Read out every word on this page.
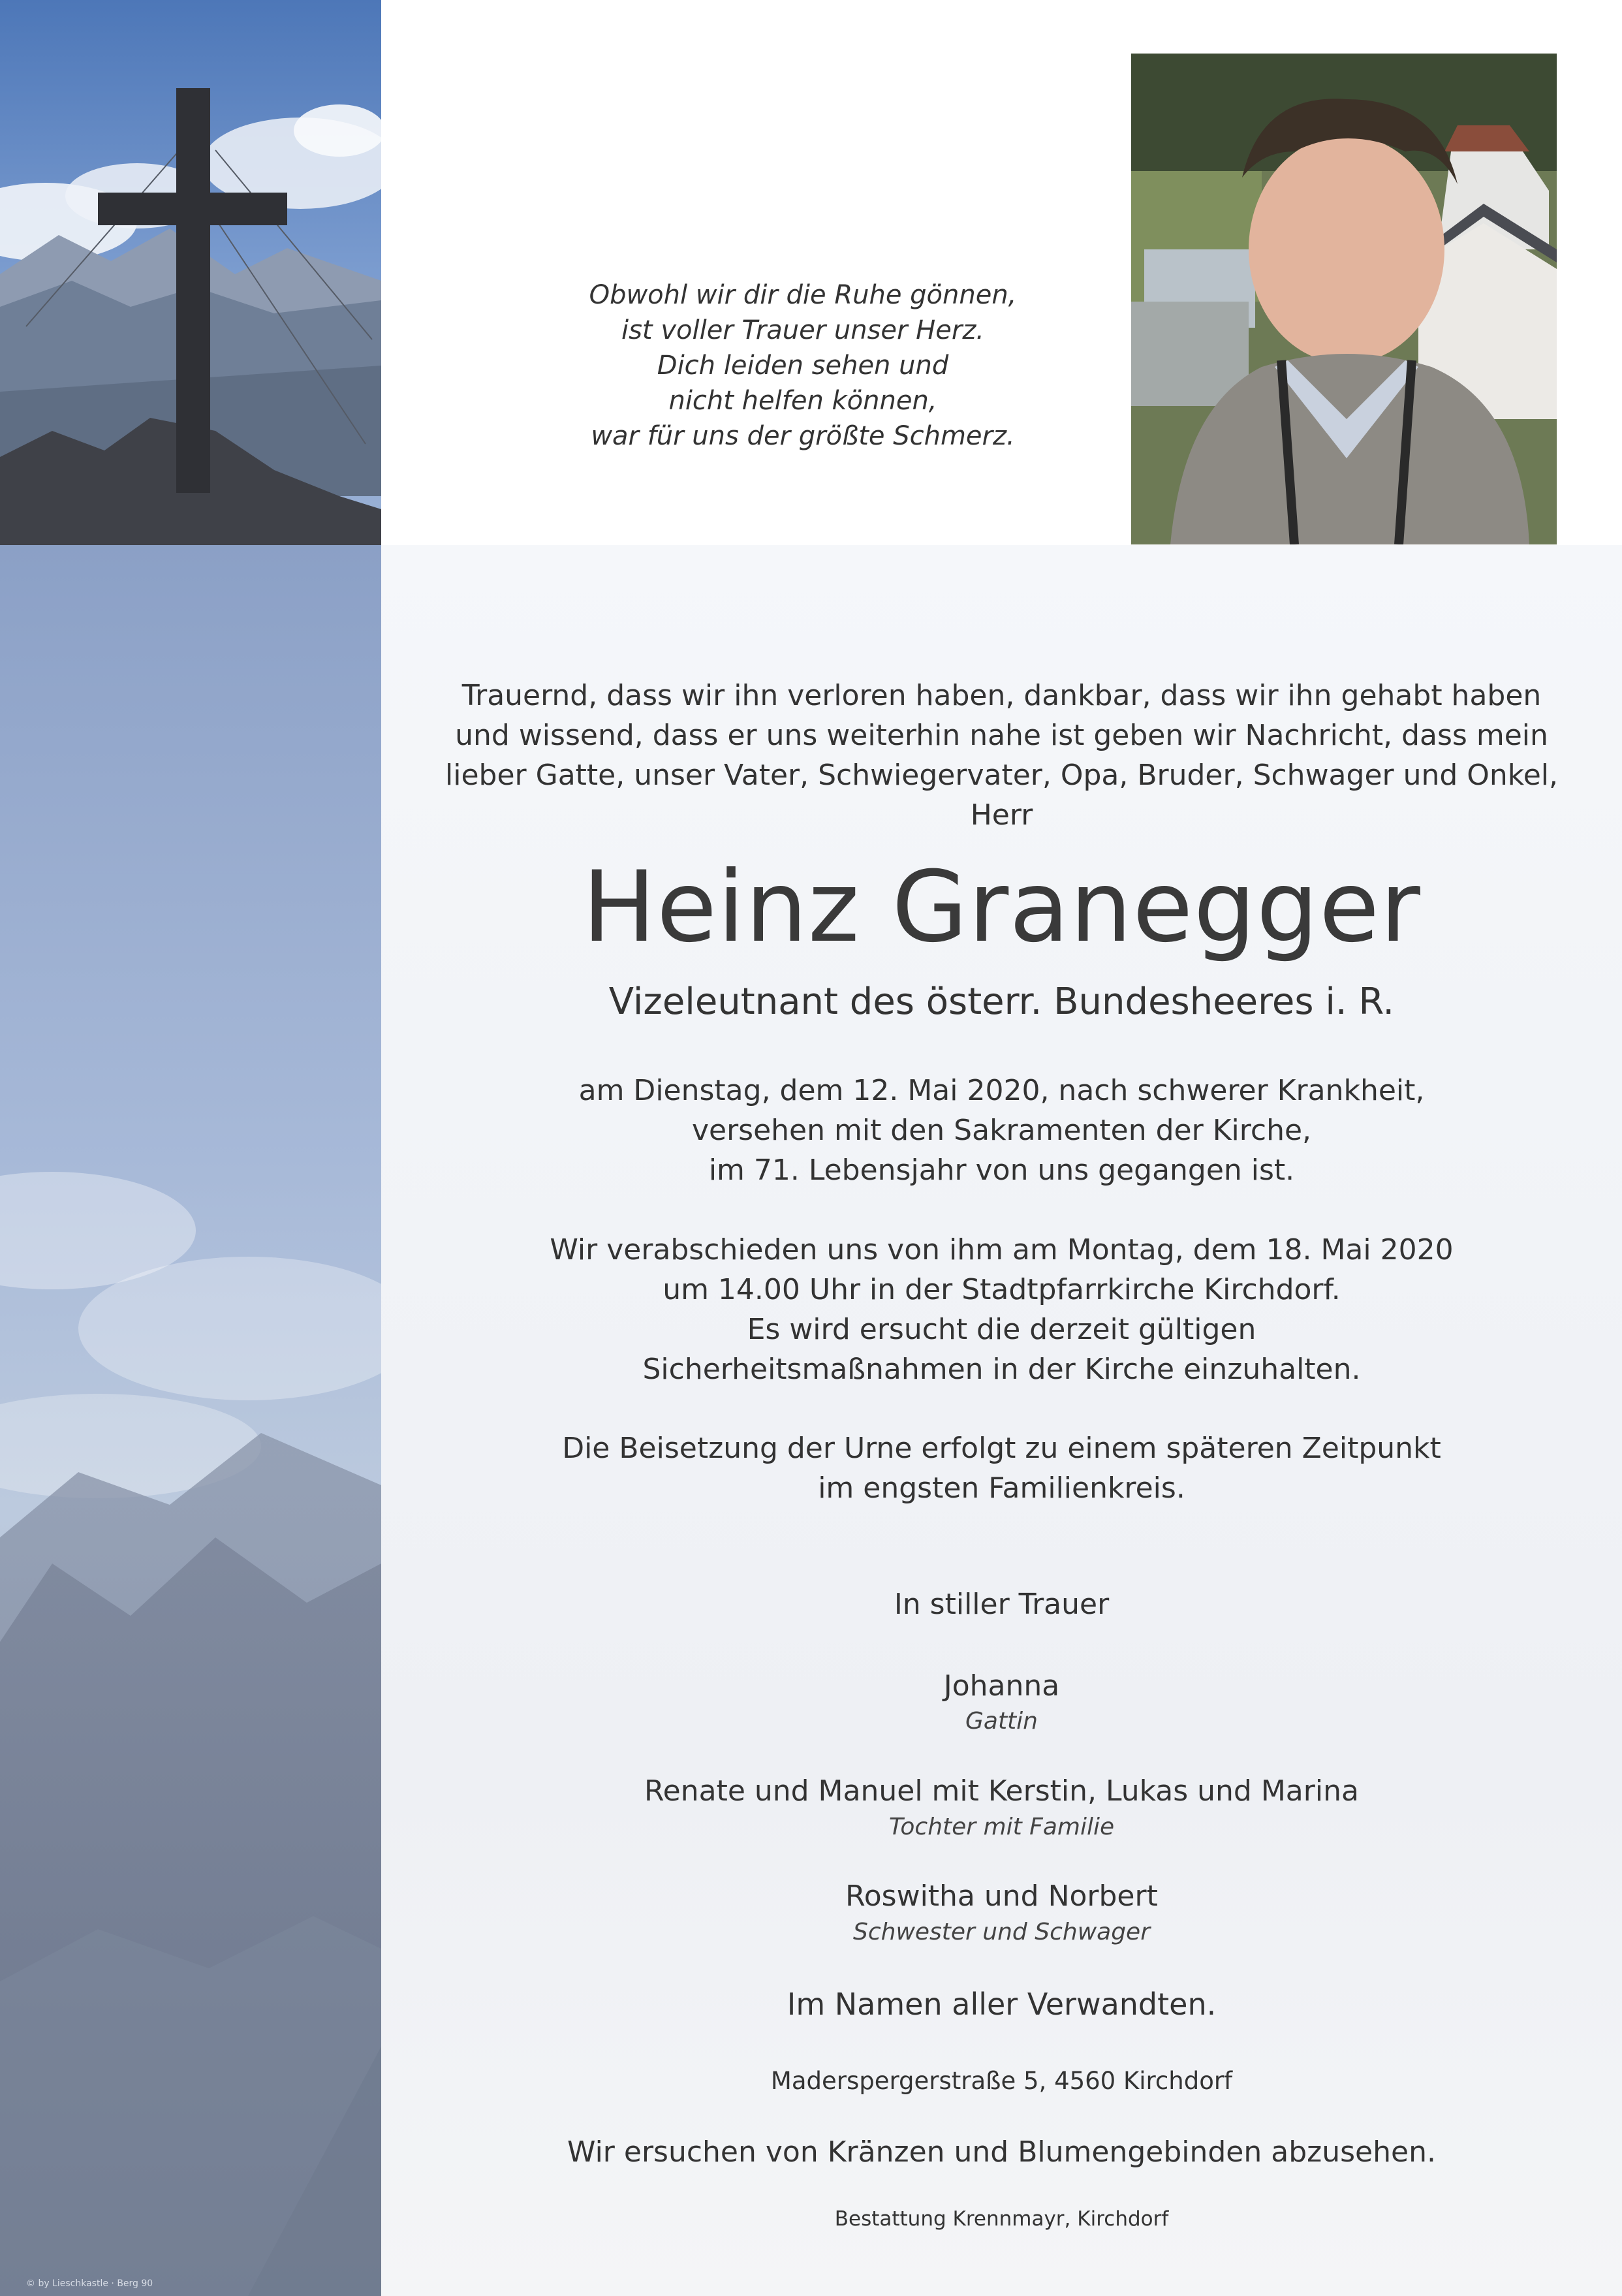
Obwohl wir dir die Ruhe gönnen,
ist voller Trauer unser Herz.
Dich leiden sehen und
nicht helfen können,
war für uns der größte Schmerz.
Trauernd, dass wir ihn verloren haben, dankbar, dass wir ihn gehabt haben
und wissend, dass er uns weiterhin nahe ist geben wir Nachricht, dass mein
lieber Gatte, unser Vater, Schwiegervater, Opa, Bruder, Schwager und Onkel,
Herr
Heinz Granegger
Vizeleutnant des österr. Bundesheeres i. R.
am Dienstag, dem 12. Mai 2020, nach schwerer Krankheit,
versehen mit den Sakramenten der Kirche,
im 71. Lebensjahr von uns gegangen ist.
Wir verabschieden uns von ihm am Montag, dem 18. Mai 2020
um 14.00 Uhr in der Stadtpfarrkirche Kirchdorf.
Es wird ersucht die derzeit gültigen
Sicherheitsmaßnahmen in der Kirche einzuhalten.
Die Beisetzung der Urne erfolgt zu einem späteren Zeitpunkt
im engsten Familienkreis.
In stiller Trauer
Johanna
Gattin
Renate und Manuel mit Kerstin, Lukas und Marina
Tochter mit Familie
Roswitha und Norbert
Schwester und Schwager
Im Namen aller Verwandten.
Maderspergerstraße 5, 4560 Kirchdorf
Wir ersuchen von Kränzen und Blumengebinden abzusehen.
Bestattung Krennmayr, Kirchdorf
© by Lieschkastle · Berg 90
